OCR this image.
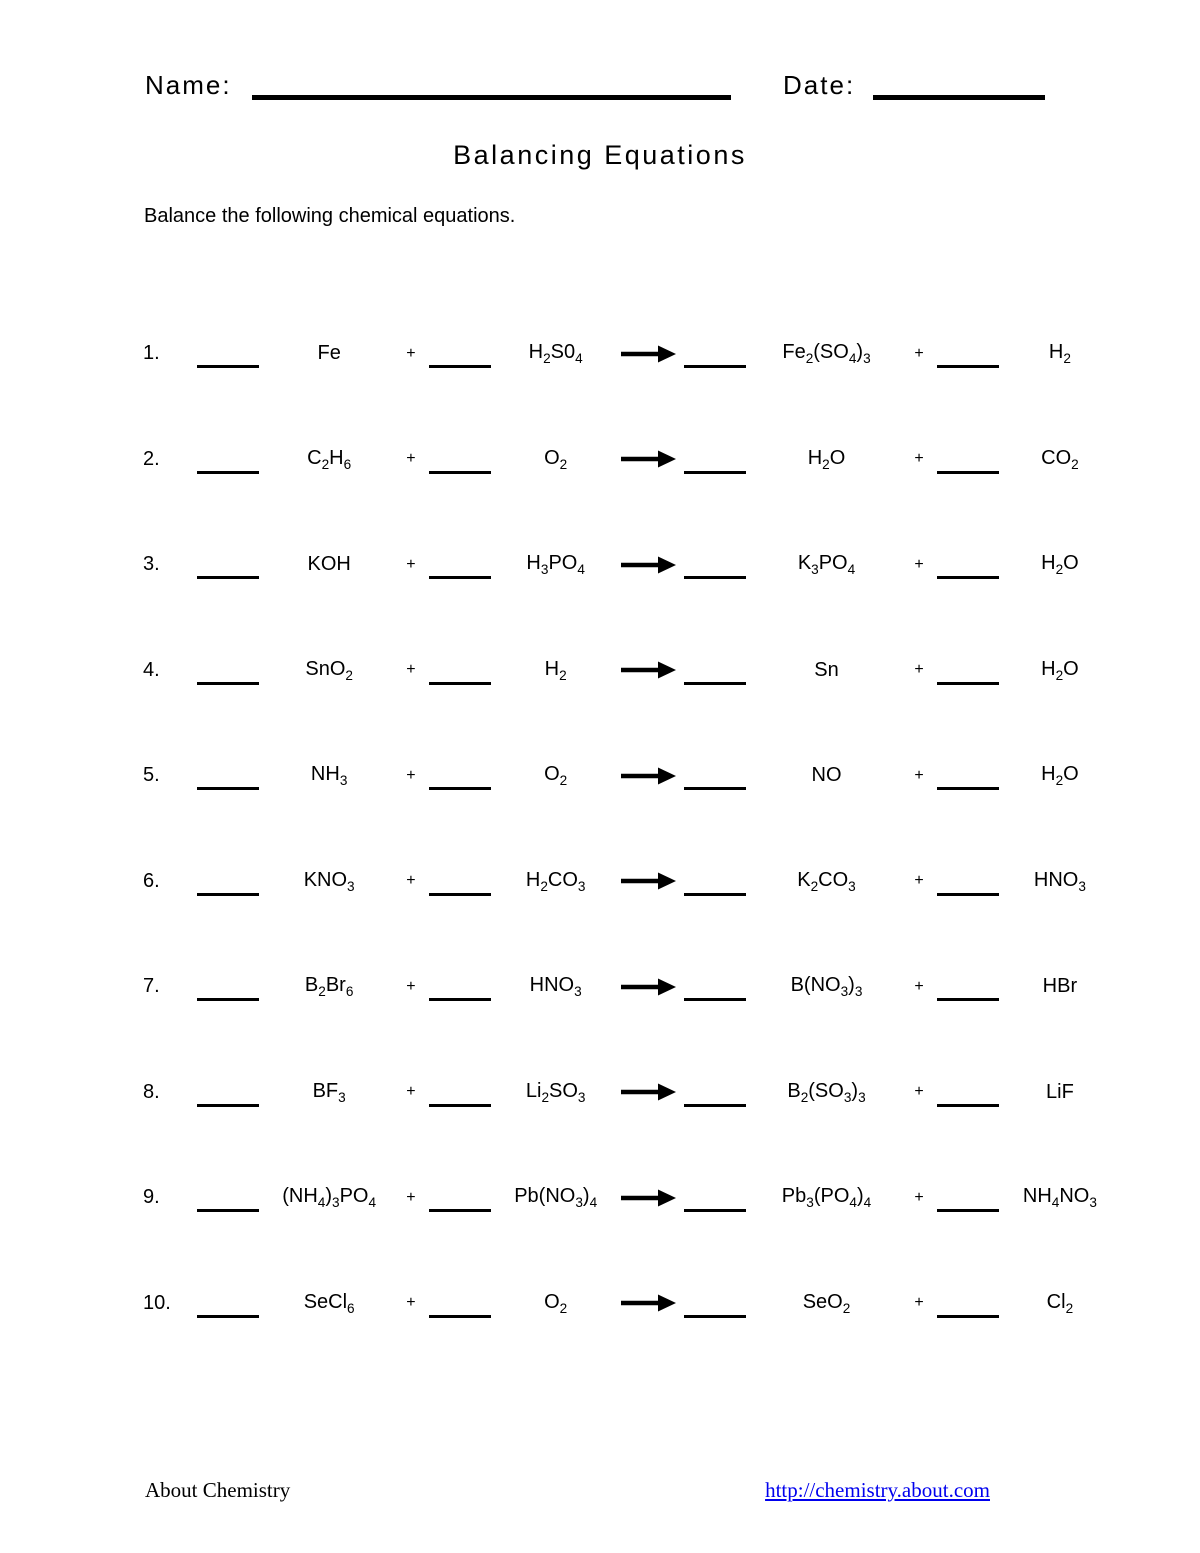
Name:	Date:
Balancing Equations
Balance the following chemical equations.
1.	Fe	+	$H_2S0_4$	$Fe_2(SO_4)_3$	+	$H_2$
2.	$C_2H_6$	+	$O_2$	$H_2O$	+	$CO_2$
3.	KOH	+	$H_3PO_4$	$K_3PO_4$	+	$H_2O$
4.	SnO$_2$	+	$H_2$	Sn	+	$H_2O$
5.	$NH_3$	+	$O_2$	NO	+	$H_2O$
6.	$KNO_3$	+	$H_2CO_3$	$K_2CO_3$	+	$HNO_3$
7.	$B_2Br_6$	+	$HNO_3$	$B(NO_3)_3$	+	HBr
8.	$BF_3$	+	$Li_2SO_3$	$B_2(SO_3)_3$	+	LiF
9.	$(NH_4)_3PO_4$	+	$Pb(NO_3)_4$	→	$Pb_3(PO_4)_4$	+	$NH_4NO_3$
10.	SeCl$_6$	+	$O_2$	SeO$_2$	+	$Cl_2$
About Chemistry	http://chemistry.about.com
